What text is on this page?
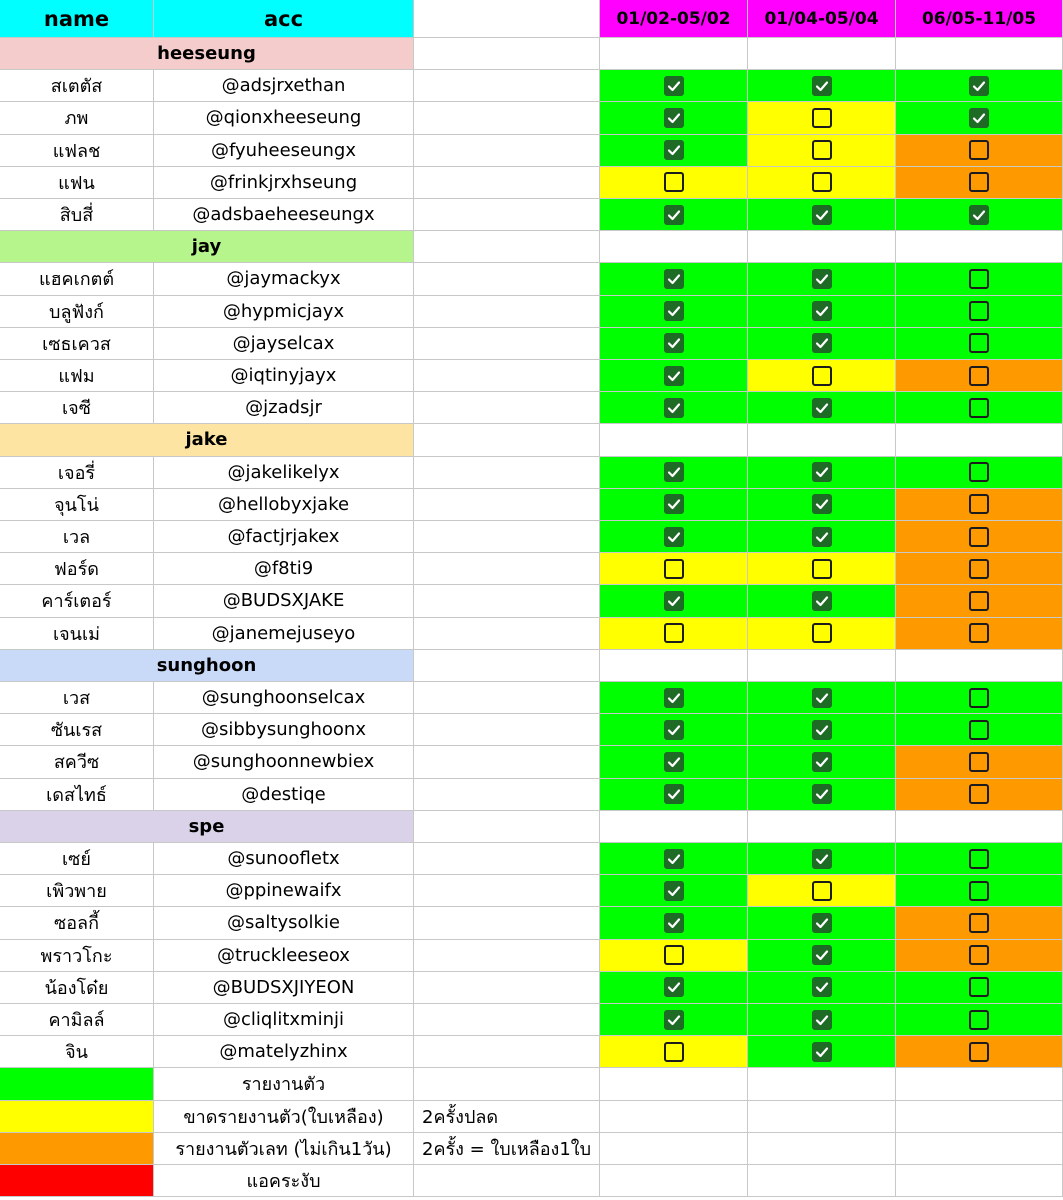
name	acc	01/02-05/02	01/04-05/04	06/05-11/05
heeseung
สเตตัส	@adsjrxethan
ภพ	@qionxheeseung
แฟลช	@fyuheeseungx
แฟน	@frinkjrxhseung
สิบสี่	@adsbaeheeseungx
jay
แฮคเกตต์	@jaymackyx
บลูฟังก์	@hypmicjayx
เซธเควส	@jayselcax
แฟม	@iqtinyjayx
เจซี	@jzadsjr
jake
เจอรี่	@jakelikelyx
จุนโน่	@hellobyxjake
เวล	@factjrjakex
ฟอร์ด	@f8ti9
คาร์เตอร์	@BUDSXJAKE
เจนเม่	@janemejuseyo
sunghoon
เวส	@sunghoonselcax
ซันเรส	@sibbysunghoonx
สควีซ	@sunghoonnewbiex
เดสไทธ์	@destiqe
spe
เซย์	@sunoofletx
เพิวพาย	@ppinewaifx
ซอลกี้	@saltysolkie
พราวโกะ	@truckleeseox
น้องโด๋ย	@BUDSXJIYEON
คามิลล์	@cliqlitxminji
จิน	@matelyzhinx
รายงานตัว
ขาดรายงานตัว(ใบเหลือง)	2ครั้งปลด
รายงานตัวเลท (ไม่เกิน1วัน)	2ครั้ง = ใบเหลือง1ใบ
แอคระงับ
